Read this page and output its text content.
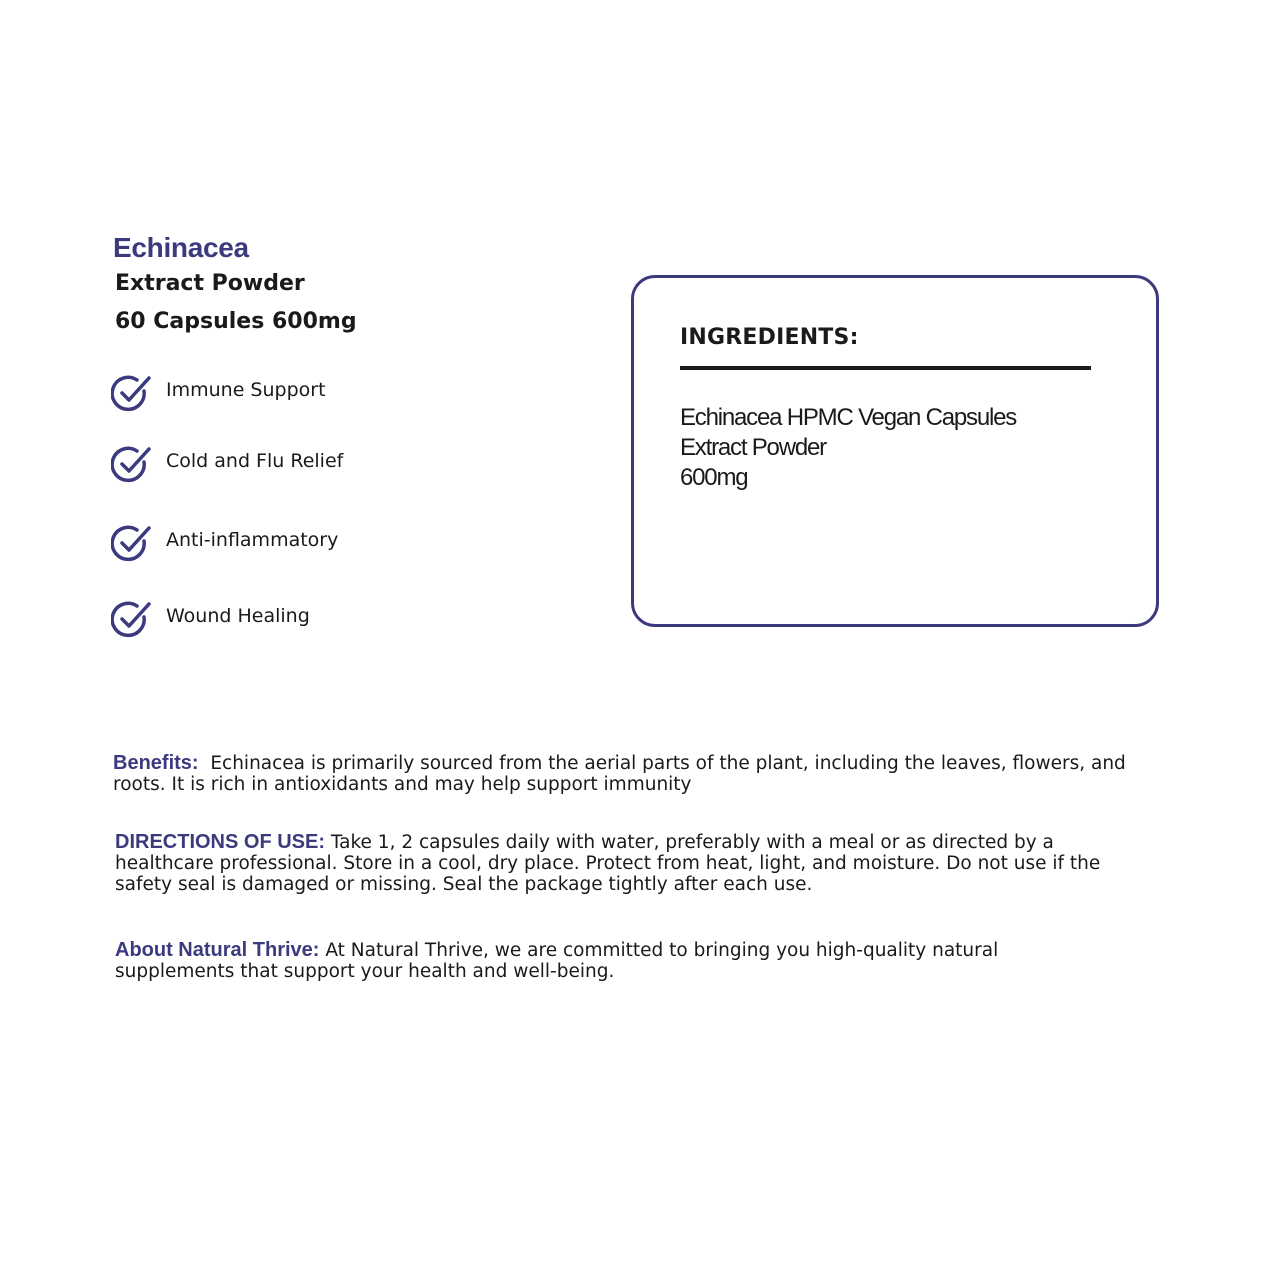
Echinacea
Extract Powder
60 Capsules 600mg
Immune Support
Cold and Flu Relief
Anti-inflammatory
Wound Healing
INGREDIENTS:
Echinacea HPMC Vegan Capsules
Extract Powder
600mg

Benefits: Echinacea is primarily sourced from the aerial parts of the plant, including the leaves, flowers, and roots. It is rich in antioxidants and may help support immunity

DIRECTIONS OF USE: Take 1, 2 capsules daily with water, preferably with a meal or as directed by a healthcare professional. Store in a cool, dry place. Protect from heat, light, and moisture. Do not use if the safety seal is damaged or missing. Seal the package tightly after each use.

About Natural Thrive: At Natural Thrive, we are committed to bringing you high-quality natural supplements that support your health and well-being.
